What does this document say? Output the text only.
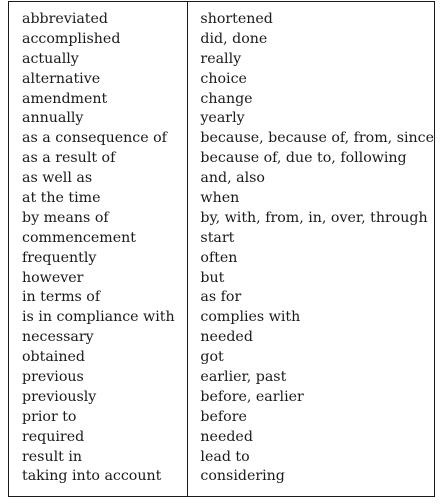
abbreviated
accomplished
actually
alternative
amendment
annually
as a consequence of
as a result of
as well as
at the time
by means of
commencement
frequently
however
in terms of
is in compliance with
necessary
obtained
previous
previously
prior to
required
result in
taking into account
shortened
did, done
really
choice
change
yearly
because, because of, from, since
because of, due to, following
and, also
when
by, with, from, in, over, through
start
often
but
as for
complies with
needed
got
earlier, past
before, earlier
before
needed
lead to
considering
